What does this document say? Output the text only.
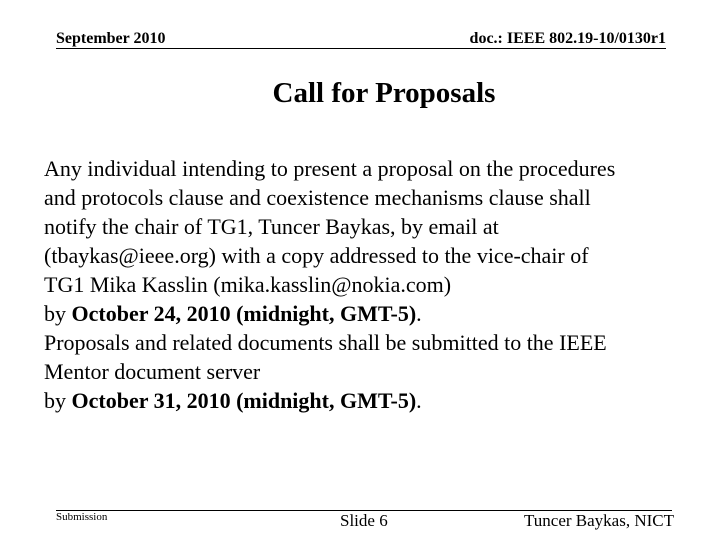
September 2010	doc.: IEEE 802.19-10/0130r1
Call for Proposals
Any individual intending to present a proposal on the procedures
and protocols clause and coexistence mechanisms clause shall
notify the chair of TG1, Tuncer Baykas, by email at
(tbaykas@ieee.org) with a copy addressed to the vice-chair of
TG1 Mika Kasslin (mika.kasslin@nokia.com)
by October 24, 2010 (midnight, GMT-5).
Proposals and related documents shall be submitted to the IEEE
Mentor document server
by October 31, 2010 (midnight, GMT-5).
Submission	Slide 6	Tuncer Baykas, NICT
